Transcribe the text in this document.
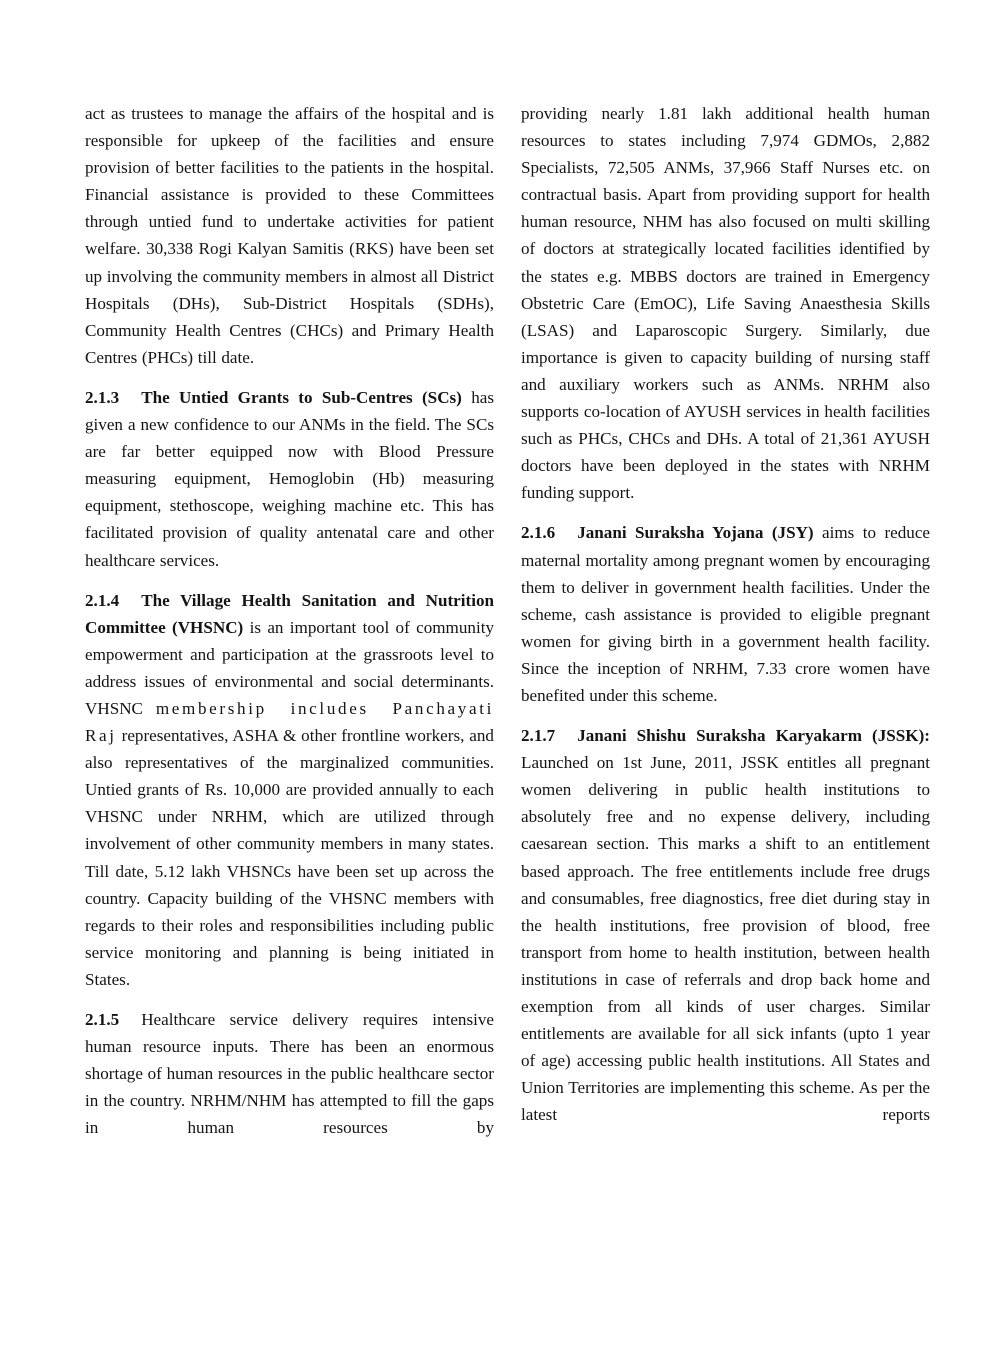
act as trustees to manage the affairs of the hospital and is responsible for upkeep of the facilities and ensure provision of better facilities to the patients in the hospital. Financial assistance is provided to these Committees through untied fund to undertake activities for patient welfare. 30,338 Rogi Kalyan Samitis (RKS) have been set up involving the community members in almost all District Hospitals (DHs), Sub-District Hospitals (SDHs), Community Health Centres (CHCs) and Primary Health Centres (PHCs) till date.

2.1.3 The Untied Grants to Sub-Centres (SCs) has given a new confidence to our ANMs in the field. The SCs are far better equipped now with Blood Pressure measuring equipment, Hemoglobin (Hb) measuring equipment, stethoscope, weighing machine etc. This has facilitated provision of quality antenatal care and other healthcare services.

2.1.4 The Village Health Sanitation and Nutrition Committee (VHSNC) is an important tool of community empowerment and participation at the grassroots level to address issues of environmental and social determinants. VHSNC membership includes Panchayati Raj representatives, ASHA & other frontline workers, and also representatives of the marginalized communities. Untied grants of Rs. 10,000 are provided annually to each VHSNC under NRHM, which are utilized through involvement of other community members in many states. Till date, 5.12 lakh VHSNCs have been set up across the country. Capacity building of the VHSNC members with regards to their roles and responsibilities including public service monitoring and planning is being initiated in States.

2.1.5 Healthcare service delivery requires intensive human resource inputs. There has been an enormous shortage of human resources in the public healthcare sector in the country. NRHM/NHM has attempted to fill the gaps in human resources by

providing nearly 1.81 lakh additional health human resources to states including 7,974 GDMOs, 2,882 Specialists, 72,505 ANMs, 37,966 Staff Nurses etc. on contractual basis. Apart from providing support for health human resource, NHM has also focused on multi skilling of doctors at strategically located facilities identified by the states e.g. MBBS doctors are trained in Emergency Obstetric Care (EmOC), Life Saving Anaesthesia Skills (LSAS) and Laparoscopic Surgery. Similarly, due importance is given to capacity building of nursing staff and auxiliary workers such as ANMs. NRHM also supports co-location of AYUSH services in health facilities such as PHCs, CHCs and DHs. A total of 21,361 AYUSH doctors have been deployed in the states with NRHM funding support.

2.1.6 Janani Suraksha Yojana (JSY) aims to reduce maternal mortality among pregnant women by encouraging them to deliver in government health facilities. Under the scheme, cash assistance is provided to eligible pregnant women for giving birth in a government health facility. Since the inception of NRHM, 7.33 crore women have benefited under this scheme.

2.1.7 Janani Shishu Suraksha Karyakarm (JSSK): Launched on 1st June, 2011, JSSK entitles all pregnant women delivering in public health institutions to absolutely free and no expense delivery, including caesarean section. This marks a shift to an entitlement based approach. The free entitlements include free drugs and consumables, free diagnostics, free diet during stay in the health institutions, free provision of blood, free transport from home to health institution, between health institutions in case of referrals and drop back home and exemption from all kinds of user charges. Similar entitlements are available for all sick infants (upto 1 year of age) accessing public health institutions. All States and Union Territories are implementing this scheme. As per the latest reports
